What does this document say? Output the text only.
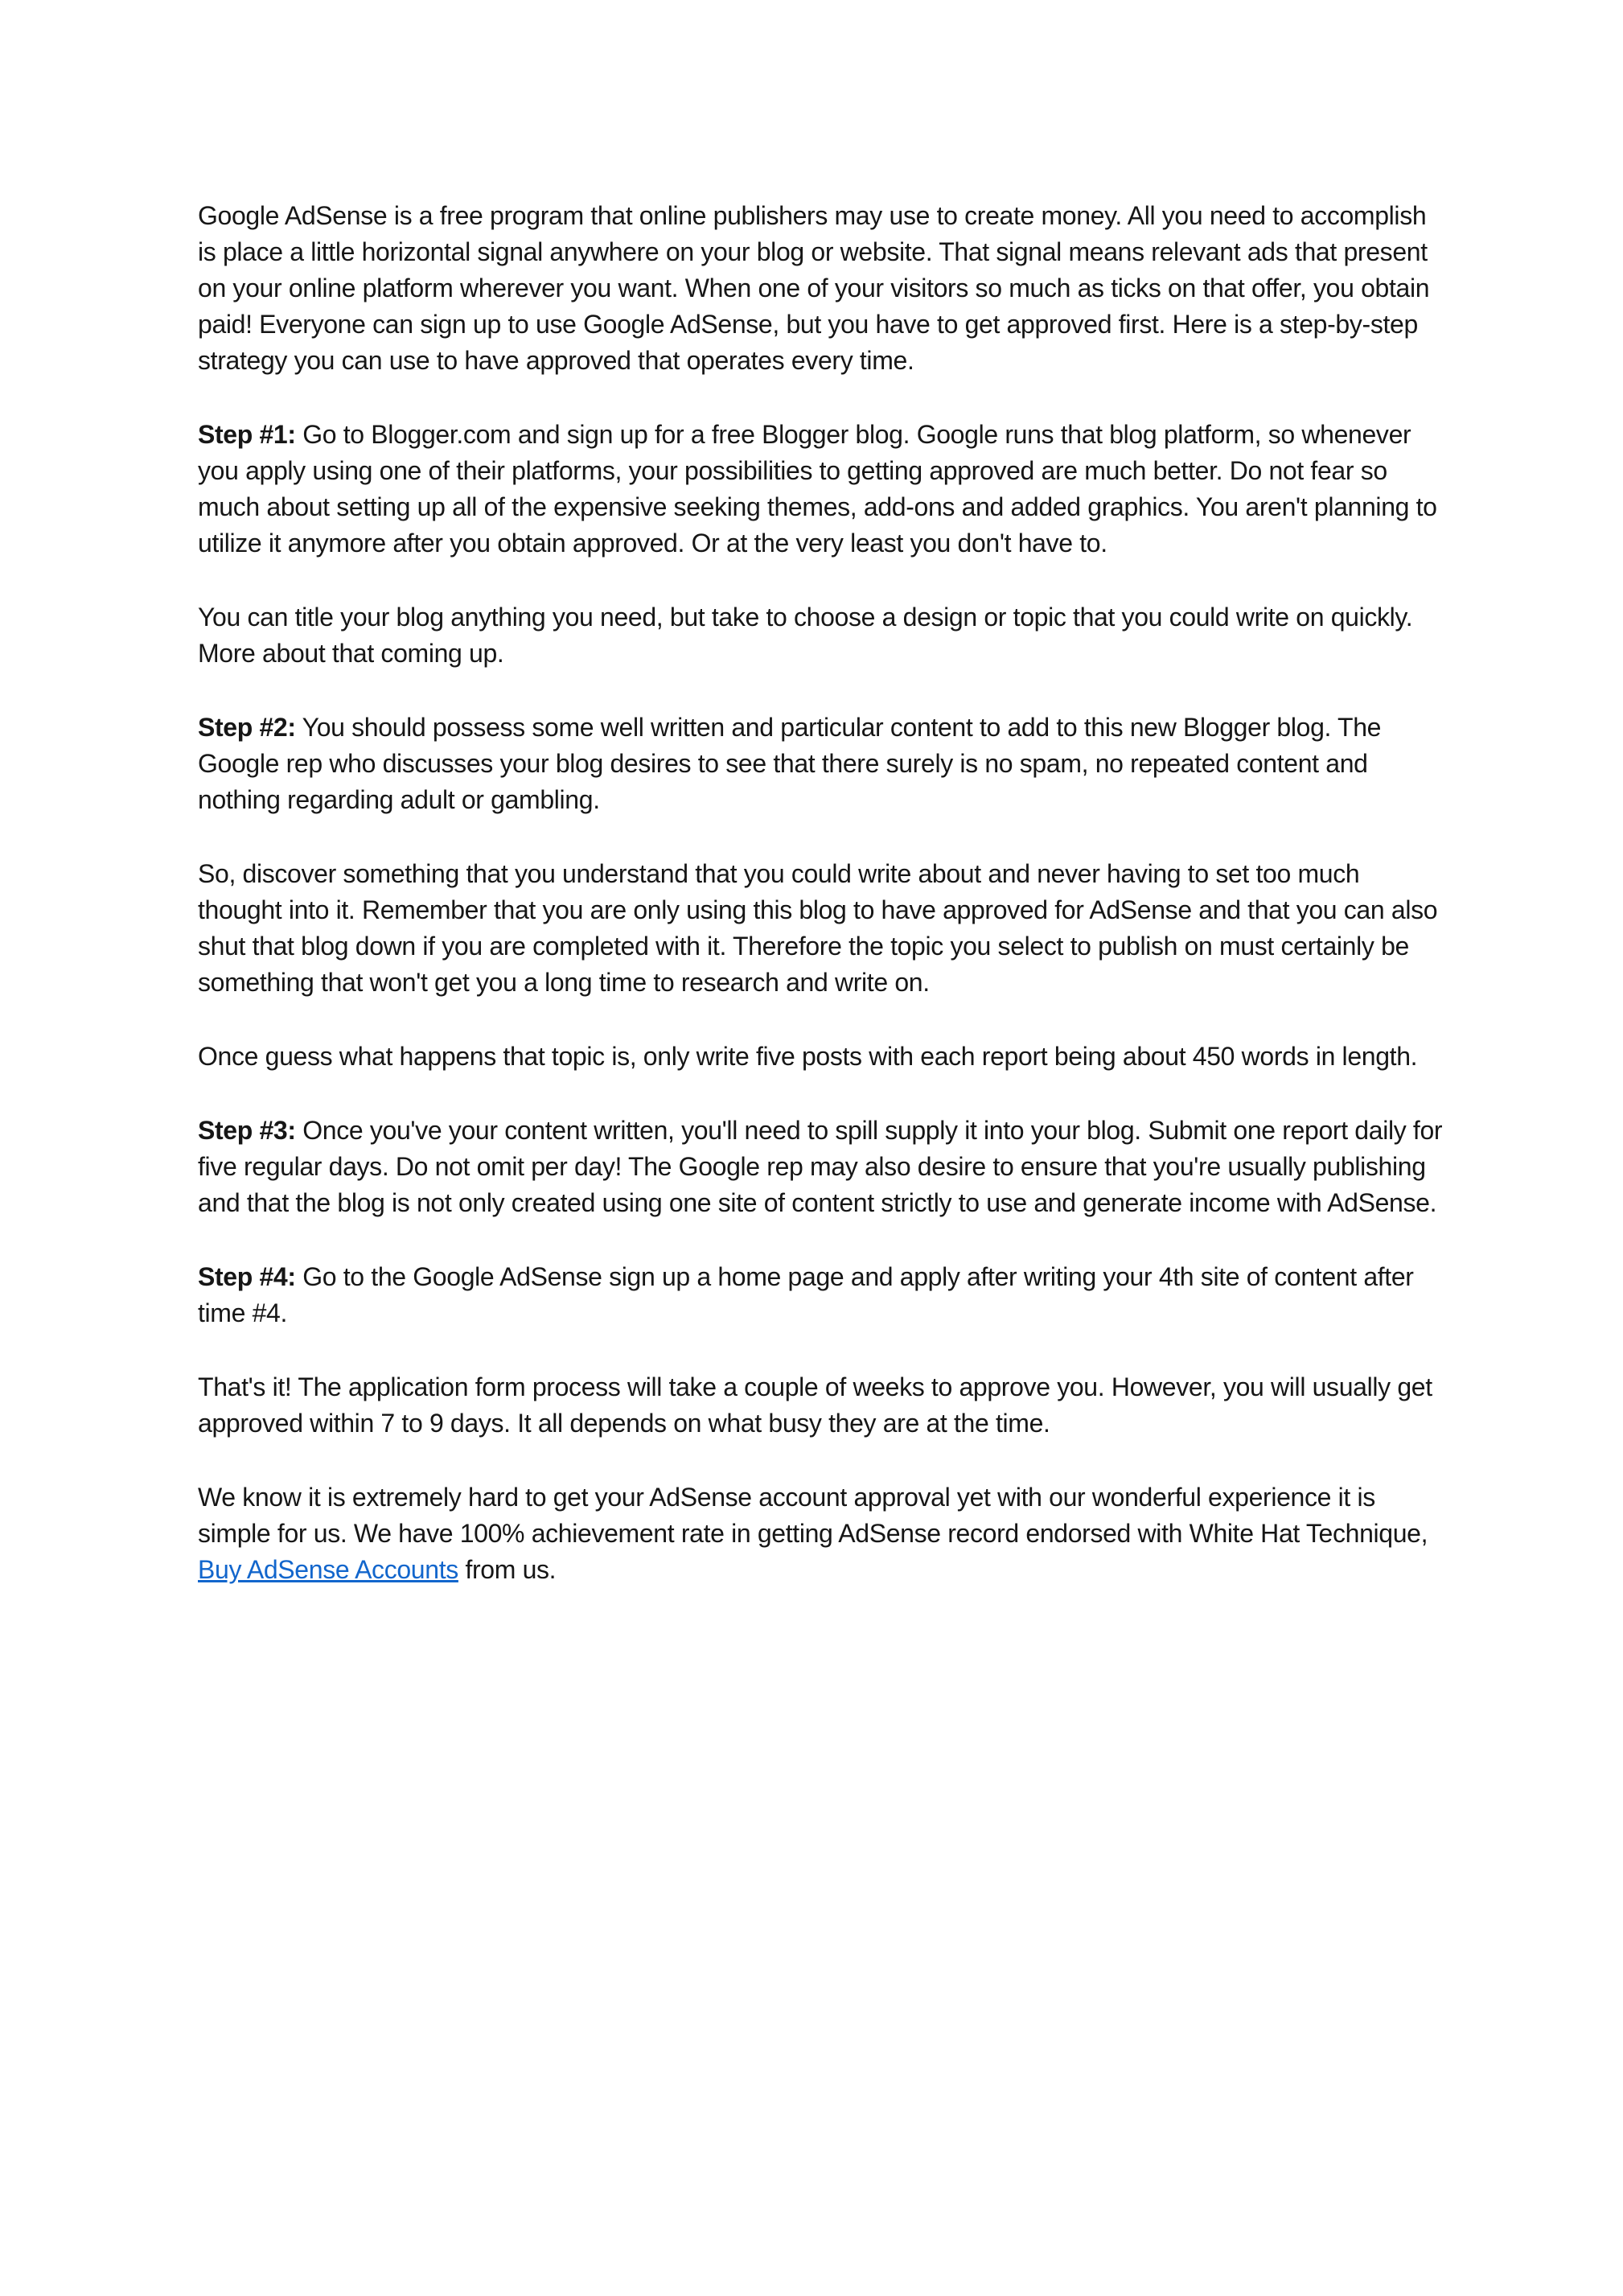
Google AdSense is a free program that online publishers may use to create money. All you need to accomplish is place a little horizontal signal anywhere on your blog or website. That signal means relevant ads that present on your online platform wherever you want. When one of your visitors so much as ticks on that offer, you obtain paid! Everyone can sign up to use Google AdSense, but you have to get approved first. Here is a step-by-step strategy you can use to have approved that operates every time.

Step #1: Go to Blogger.com and sign up for a free Blogger blog. Google runs that blog platform, so whenever you apply using one of their platforms, your possibilities to getting approved are much better. Do not fear so much about setting up all of the expensive seeking themes, add-ons and added graphics. You aren't planning to utilize it anymore after you obtain approved. Or at the very least you don't have to.

You can title your blog anything you need, but take to choose a design or topic that you could write on quickly. More about that coming up.

Step #2: You should possess some well written and particular content to add to this new Blogger blog. The Google rep who discusses your blog desires to see that there surely is no spam, no repeated content and nothing regarding adult or gambling.

So, discover something that you understand that you could write about and never having to set too much thought into it. Remember that you are only using this blog to have approved for AdSense and that you can also shut that blog down if you are completed with it. Therefore the topic you select to publish on must certainly be something that won't get you a long time to research and write on.

Once guess what happens that topic is, only write five posts with each report being about 450 words in length.

Step #3: Once you've your content written, you'll need to spill supply it into your blog. Submit one report daily for five regular days. Do not omit per day! The Google rep may also desire to ensure that you're usually publishing and that the blog is not only created using one site of content strictly to use and generate income with AdSense.

Step #4: Go to the Google AdSense sign up a home page and apply after writing your 4th site of content after time #4.

That's it! The application form process will take a couple of weeks to approve you. However, you will usually get approved within 7 to 9 days. It all depends on what busy they are at the time.

We know it is extremely hard to get your AdSense account approval yet with our wonderful experience it is simple for us. We have 100% achievement rate in getting AdSense record endorsed with White Hat Technique, Buy AdSense Accounts from us.
